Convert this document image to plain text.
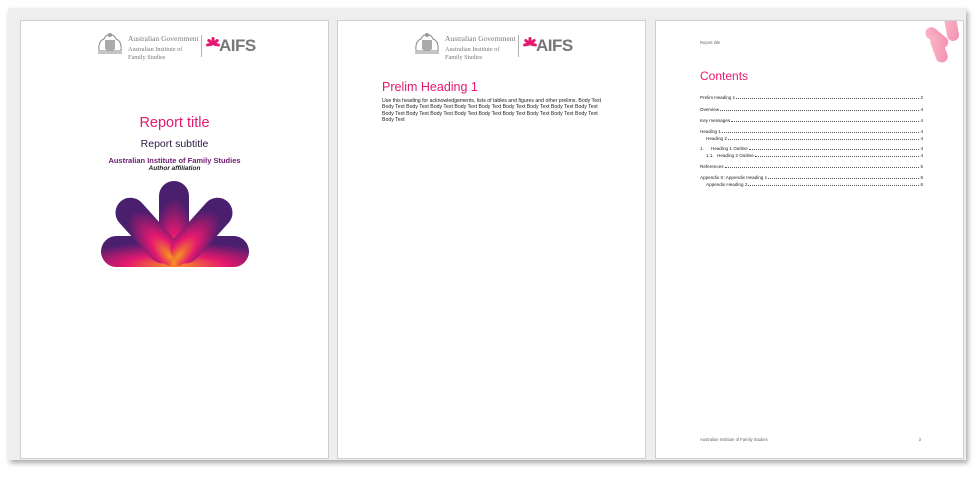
Australian Government
Australian Institute of
Family Studies
AIFS
Report title
Report subtitle
Australian Institute of Family Studies
Author affiliation
Australian Government
Australian Institute of
Family Studies
AIFS
Prelim Heading 1
Use this heading for acknowledgements, lists of tables and figures and other prelims. Body Text Body Text Body Text Body Text Body Text Body Text Body Text Body Text Body Text Body Text Body Text Body Text Body Text Body Text Body Text Body Text Body Text Body Text Body Text Body Text
Report title
Contents
Prelim Heading 1	2
Overview	4
Key messages	4
Heading 1	4
Heading 2	4
1.	Heading 1 Outline	4
1.1. Heading 2 Outline	4
References	5
Appendix X: Appendix Heading 1	6
Appendix Heading 2	6
Australian Institute of Family Studies	3
